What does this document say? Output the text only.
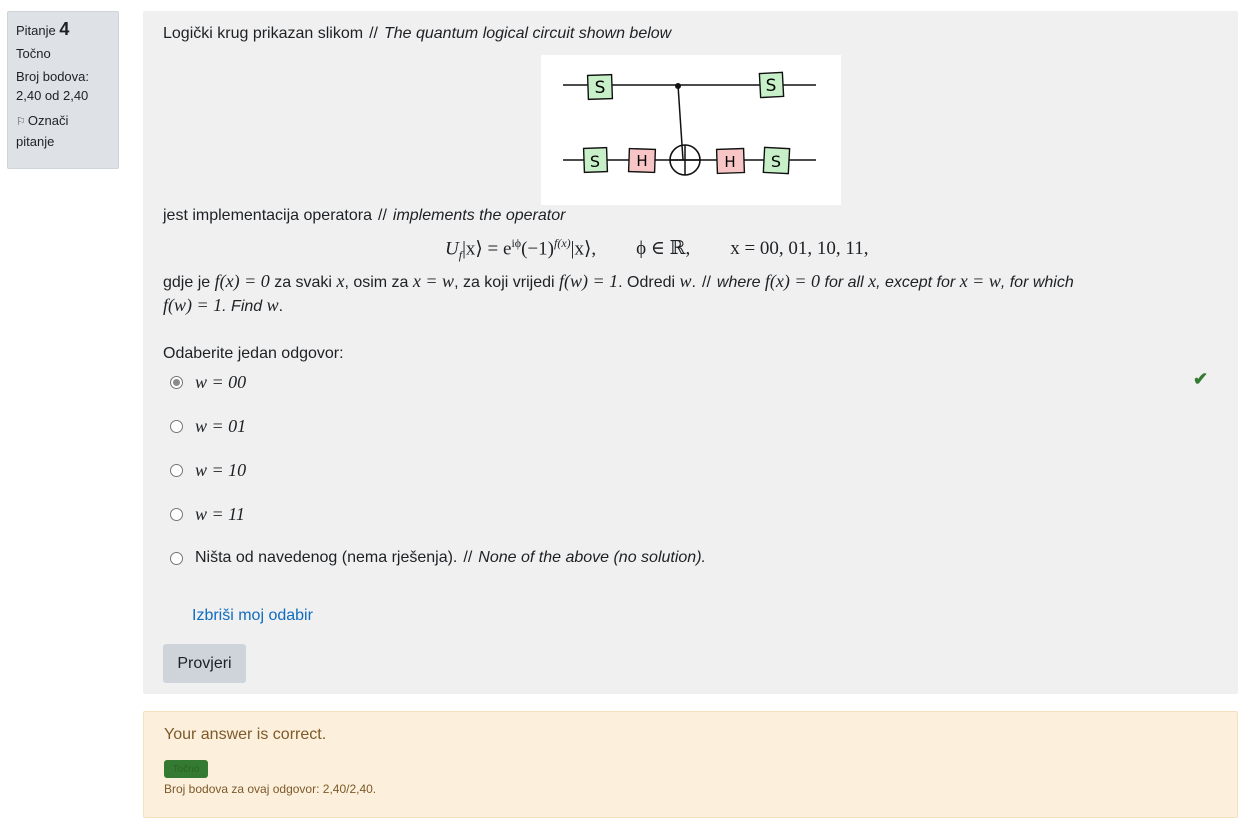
Pitanje 4
Točno
Broj bodova:
2,40 od 2,40
⚐ Označi pitanje
Logički krug prikazan slikom // The quantum logical circuit shown below
S	S
S H	H S
jest implementacija operatora // implements the operator
$U_f|x⟩$ = $e^{i\phi}(-1)^{f(x)}|x⟩$, ϕ ∈ ℝ, x = 00, 01, 10, 11,
gdje je f(x) = 0 za svaki x, osim za x = w, za koji vrijedi f(w) = 1. Odredi w. // where f(x) = 0 for all x, except for x = w, for which
f(w) = 1. Find w.
Odaberite jedan odgovor:
w = 00	✔
w = 01
w = 10
w = 11
Ništa od navedenog (nema rješenja). // None of the above (no solution).
Izbriši moj odabir
Provjeri
Your answer is correct.
Točno
Broj bodova za ovaj odgovor: 2,40/2,40.
